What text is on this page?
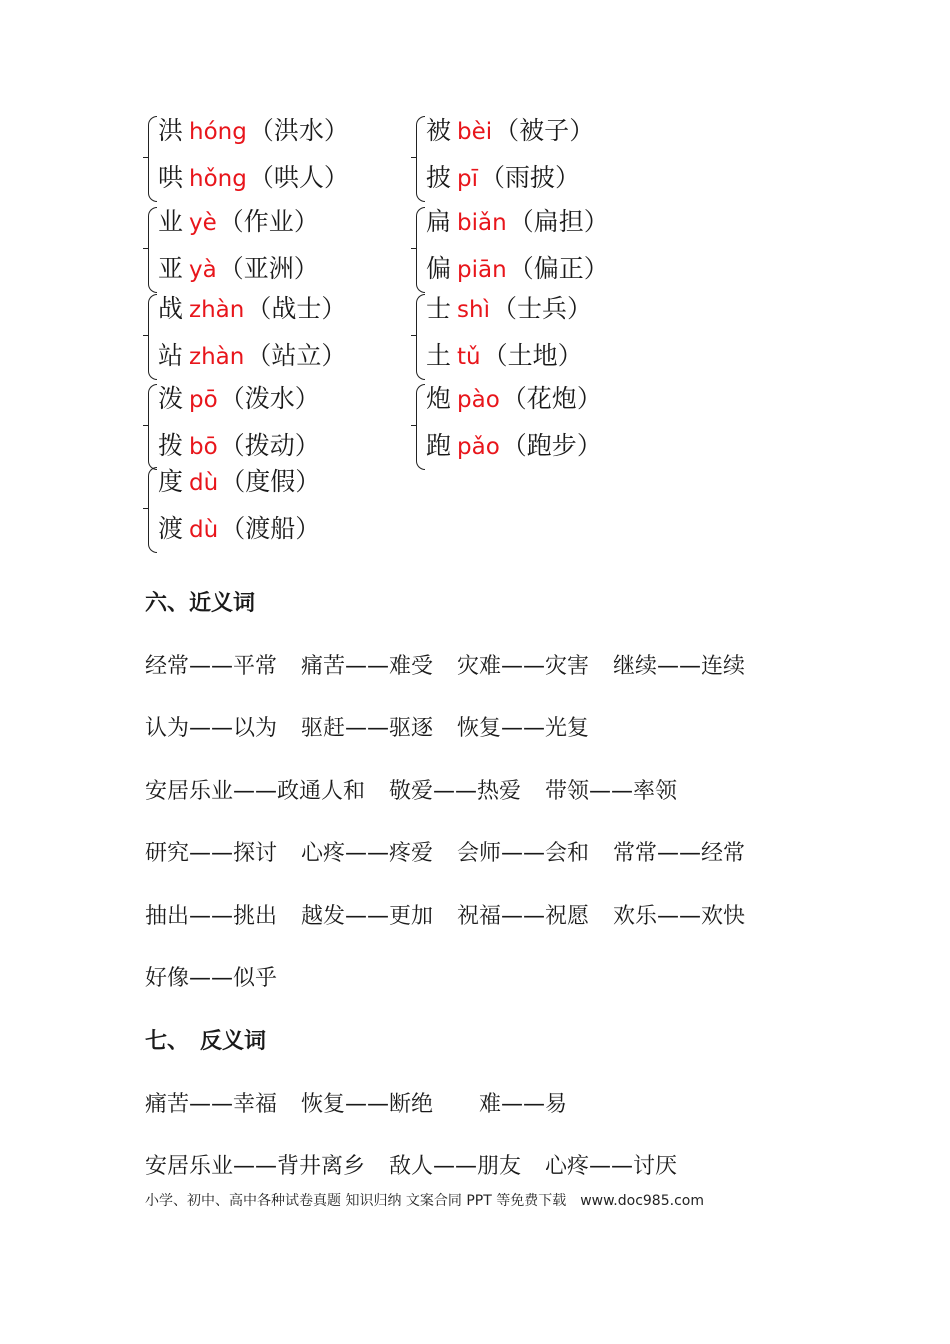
洪 hóng（洪水）
哄 hǒng（哄人）
被 bèi（被子）
披 pī（雨披）
业 yè（作业）
亚 yà（亚洲）
扁 biǎn（扁担）
偏 piān（偏正）
战 zhàn（战士）
站 zhàn（站立）
士 shì（士兵）
土 tǔ（土地）
泼 pō（泼水）
拨 bō（拨动）
炮 pào（花炮）
跑 pǎo（跑步）
度 dù（度假）
渡 dù（渡船）
六、近义词
经常——平常 痛苦——难受 灾难——灾害 继续——连续
认为——以为 驱赶——驱逐 恢复——光复
安居乐业——政通人和 敬爱——热爱 带领——率领
研究——探讨 心疼——疼爱 会师——会和 常常——经常
抽出——挑出 越发——更加 祝福——祝愿 欢乐——欢快
好像——似乎
七、　反义词
痛苦——幸福 恢复——断绝　难——易
安居乐业——背井离乡 敌人——朋友 心疼——讨厌
小学、初中、高中各种试卷真题 知识归纳 文案合同 PPT 等免费下载　www.doc985.com
